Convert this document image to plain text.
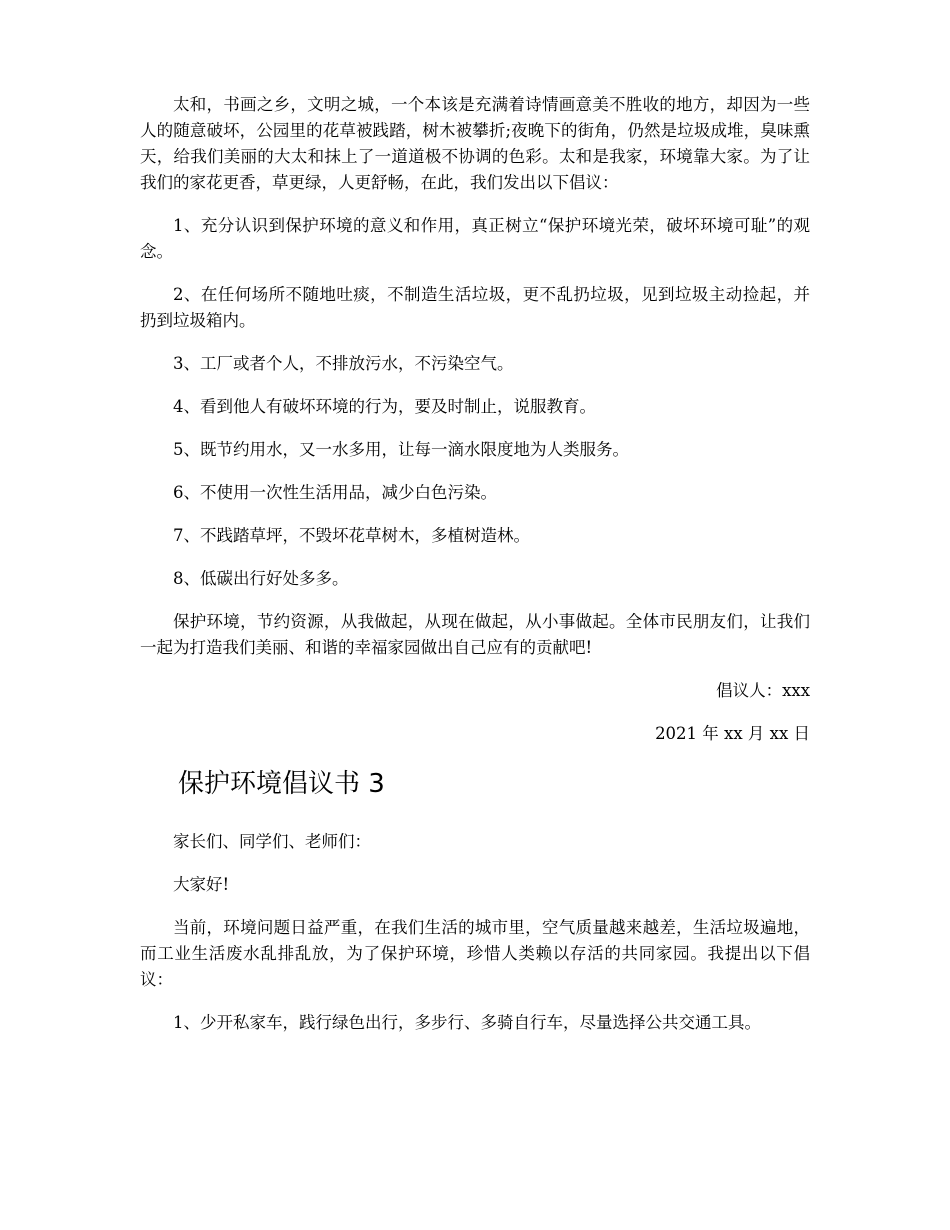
太和，书画之乡，文明之城，一个本该是充满着诗情画意美不胜收的地方，却因为一些人的随意破坏，公园里的花草被践踏，树木被攀折;夜晚下的街角，仍然是垃圾成堆，臭味熏天，给我们美丽的大太和抹上了一道道极不协调的色彩。太和是我家，环境靠大家。为了让我们的家花更香，草更绿，人更舒畅，在此，我们发出以下倡议：

1、充分认识到保护环境的意义和作用，真正树立“保护环境光荣，破坏环境可耻”的观念。

2、在任何场所不随地吐痰，不制造生活垃圾，更不乱扔垃圾，见到垃圾主动捡起，并扔到垃圾箱内。

3、工厂或者个人，不排放污水，不污染空气。

4、看到他人有破坏环境的行为，要及时制止，说服教育。

5、既节约用水，又一水多用，让每一滴水限度地为人类服务。

6、不使用一次性生活用品，减少白色污染。

7、不践踏草坪，不毁坏花草树木，多植树造林。

8、低碳出行好处多多。

保护环境，节约资源，从我做起，从现在做起，从小事做起。全体市民朋友们，让我们一起为打造我们美丽、和谐的幸福家园做出自己应有的贡献吧!

倡议人：xxx

2021 年 xx 月 xx 日

保护环境倡议书 3

家长们、同学们、老师们：

大家好!

当前，环境问题日益严重，在我们生活的城市里，空气质量越来越差，生活垃圾遍地，而工业生活废水乱排乱放，为了保护环境，珍惜人类赖以存活的共同家园。我提出以下倡议：

1、少开私家车，践行绿色出行，多步行、多骑自行车，尽量选择公共交通工具。
